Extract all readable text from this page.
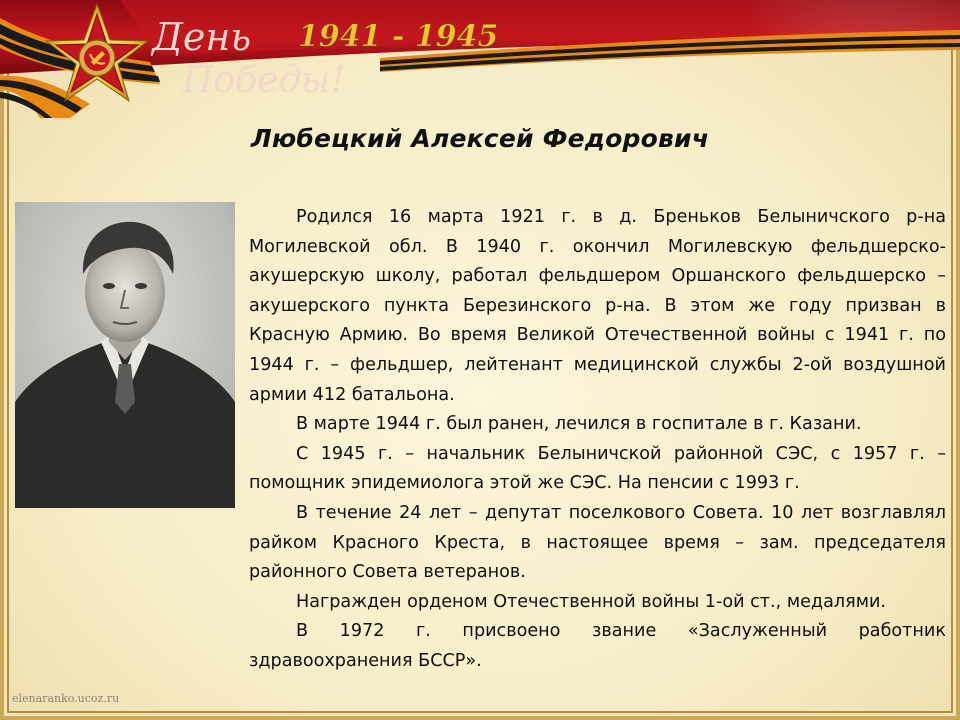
День
Победы!
1941 - 1945
Любецкий Алексей Федорович

Родился 16 марта 1921 г. в д. Бреньков Белыничского р-на Могилевской обл. В 1940 г. окончил Могилевскую фельдшерско-акушерскую школу, работал фельдшером Оршанского фельдшерско – акушерского пункта Березинского р-на. В этом же году призван в Красную Армию. Во время Великой Отечественной войны с 1941 г. по 1944 г. – фельдшер, лейтенант медицинской службы 2-ой воздушной армии 412 батальона.

В марте 1944 г. был ранен, лечился в госпитале в г. Казани.

С 1945 г. – начальник Белыничской районной СЭС, с 1957 г. – помощник эпидемиолога этой же СЭС. На пенсии с 1993 г.

В течение 24 лет – депутат поселкового Совета. 10 лет возглавлял райком Красного Креста, в настоящее время – зам. председателя районного Совета ветеранов.

Награжден орденом Отечественной войны 1-ой ст., медалями.

В 1972 г. присвоено звание «Заслуженный работник здравоохранения БССР».

elenaranko.ucoz.ru
